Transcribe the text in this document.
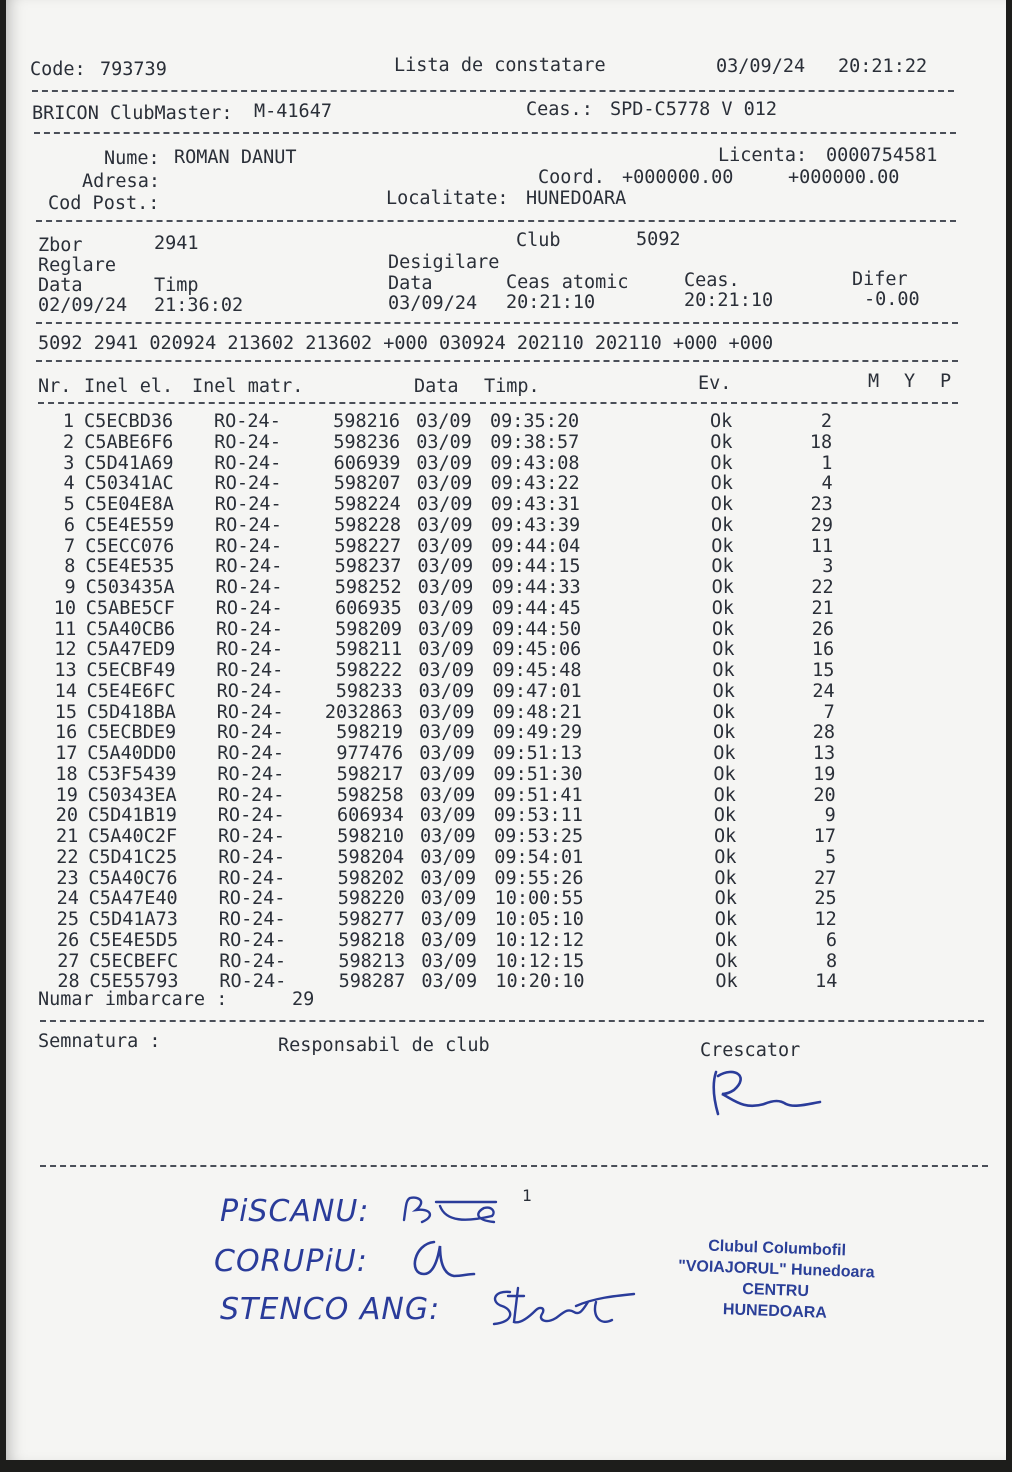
Code: 793739	Lista de constatare	03/09/24 20:21:22
BRICON ClubMaster: M-41647	Ceas.: SPD-C5778 V 012
Nume: ROMAN DANUT	Licenta: 0000754581
Adresa:	Coord. +000000.00	+000000.00
Cod Post.:	Localitate: HUNEDOARA
Zbor	2941	Club	5092
Reglare	Desigilare
Data	Timp	Data	Ceas atomic	Ceas.	Difer
02/09/24 21:36:02	03/09/24 20:21:10	20:21:10	-0.00
5092 2941 020924 213602 213602 +000 030924 202110 202110 +000 +000
Nr. Inel el. Inel matr.	Data Timp.	Ev.	M Y P
Numar imbarcare :	29
Semnatura :	Responsabil de club	Crescator
1
PiSCANU:
CORUPiU:
STENCO ANG:
Clubul Columbofil
"VOIAJORUL" Hunedoara
CENTRU
HUNEDOARA
1 C5ECBD36 RO-24-	598216 03/09 09:35:20	Ok	2
2 C5ABE6F6 RO-24-	598236 03/09 09:38:57	Ok	18
3 C5D41A69 RO-24-	606939 03/09 09:43:08	Ok	1
4 C50341AC RO-24-	598207 03/09 09:43:22	Ok	4
5 C5E04E8A RO-24-	598224 03/09 09:43:31	Ok	23
6 C5E4E559 RO-24-	598228 03/09 09:43:39	Ok	29
7 C5ECC076 RO-24-	598227 03/09 09:44:04	Ok	11
8 C5E4E535 RO-24-	598237 03/09 09:44:15	Ok	3
9 C503435A RO-24-	598252 03/09 09:44:33	Ok	22
10 C5ABE5CF RO-24-	606935 03/09 09:44:45	Ok	21
11 C5A40CB6 RO-24-	598209 03/09 09:44:50	Ok	26
12 C5A47ED9 RO-24-	598211 03/09 09:45:06	Ok	16
13 C5ECBF49 RO-24-	598222 03/09 09:45:48	Ok	15
14 C5E4E6FC RO-24-	598233 03/09 09:47:01	Ok	24
15 C5D418BA RO-24- 2032863 03/09 09:48:21	Ok	7
16 C5ECBDE9 RO-24-	598219 03/09 09:49:29	Ok	28
17 C5A40DD0 RO-24-	977476 03/09 09:51:13	Ok	13
18 C53F5439 RO-24-	598217 03/09 09:51:30	Ok	19
19 C50343EA RO-24-	598258 03/09 09:51:41	Ok	20
20 C5D41B19 RO-24-	606934 03/09 09:53:11	Ok	9
21 C5A40C2F RO-24-	598210 03/09 09:53:25	Ok	17
22 C5D41C25 RO-24-	598204 03/09 09:54:01	Ok	5
23 C5A40C76 RO-24-	598202 03/09 09:55:26	Ok	27
24 C5A47E40 RO-24-	598220 03/09 10:00:55	Ok	25
25 C5D41A73 RO-24-	598277 03/09 10:05:10	Ok	12
26 C5E4E5D5 RO-24-	598218 03/09 10:12:12	Ok	6
27 C5ECBEFC RO-24-	598213 03/09 10:12:15	Ok	8
28 C5E55793 RO-24-	598287 03/09 10:20:10	Ok	14
